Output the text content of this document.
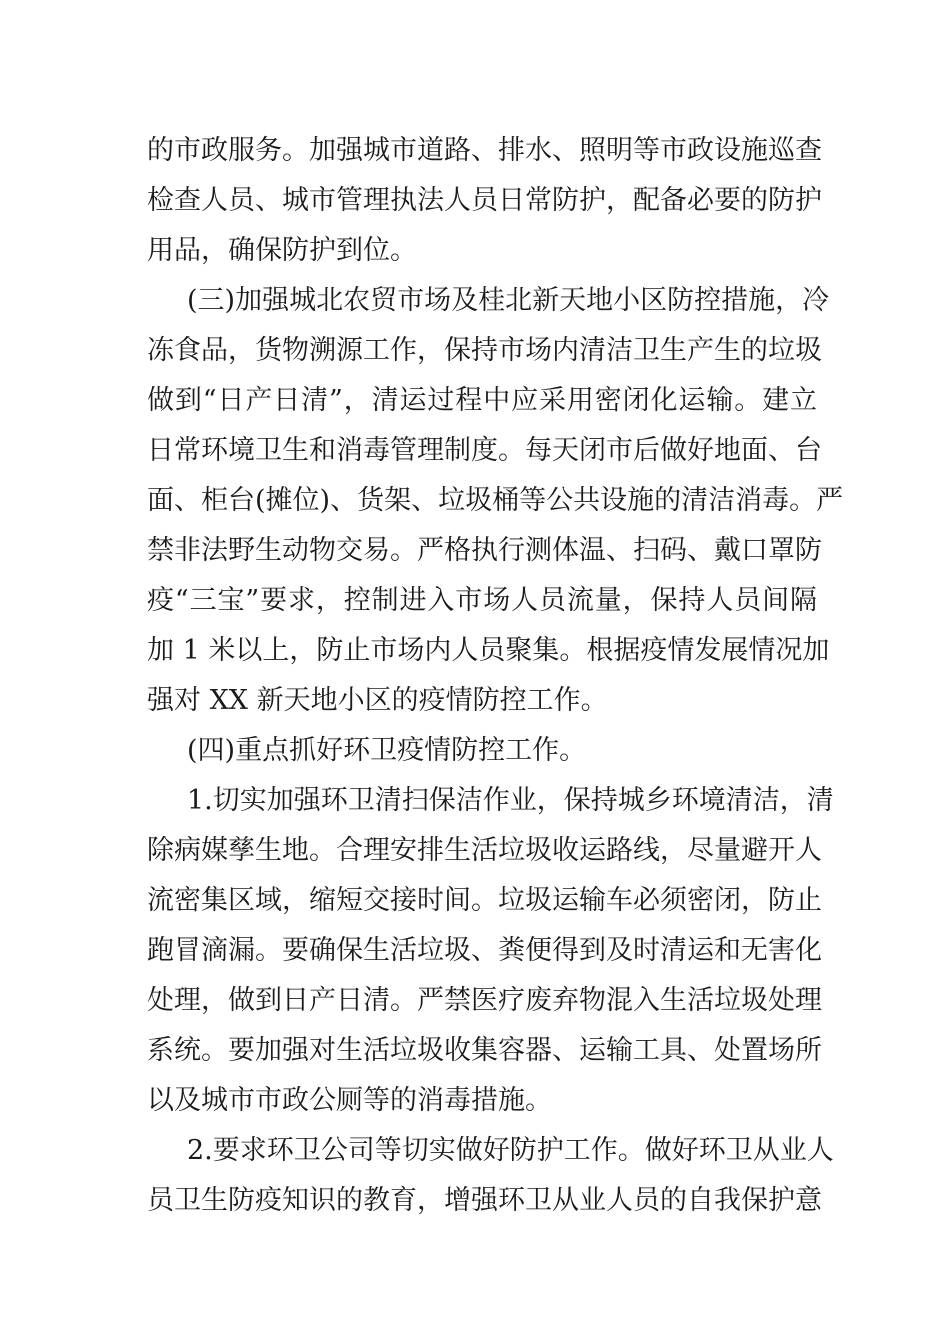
的市政服务。加强城市道路、排水、照明等市政设施巡查
检查人员、城市管理执法人员日常防护，配备必要的防护
用品，确保防护到位。
(三)加强城北农贸市场及桂北新天地小区防控措施，冷
冻食品，货物溯源工作，保持市场内清洁卫生产生的垃圾
做到“日产日清”，清运过程中应采用密闭化运输。建立
日常环境卫生和消毒管理制度。每天闭市后做好地面、台
面、柜台(摊位)、货架、垃圾桶等公共设施的清洁消毒。严
禁非法野生动物交易。严格执行测体温、扫码、戴口罩防
疫“三宝”要求，控制进入市场人员流量，保持人员间隔
加 1 米以上，防止市场内人员聚集。根据疫情发展情况加
强对 XX 新天地小区的疫情防控工作。
(四)重点抓好环卫疫情防控工作。
1.切实加强环卫清扫保洁作业，保持城乡环境清洁，清
除病媒孳生地。合理安排生活垃圾收运路线，尽量避开人
流密集区域，缩短交接时间。垃圾运输车必须密闭，防止
跑冒滴漏。要确保生活垃圾、粪便得到及时清运和无害化
处理，做到日产日清。严禁医疗废弃物混入生活垃圾处理
系统。要加强对生活垃圾收集容器、运输工具、处置场所
以及城市市政公厕等的消毒措施。
2.要求环卫公司等切实做好防护工作。做好环卫从业人
员卫生防疫知识的教育，增强环卫从业人员的自我保护意
